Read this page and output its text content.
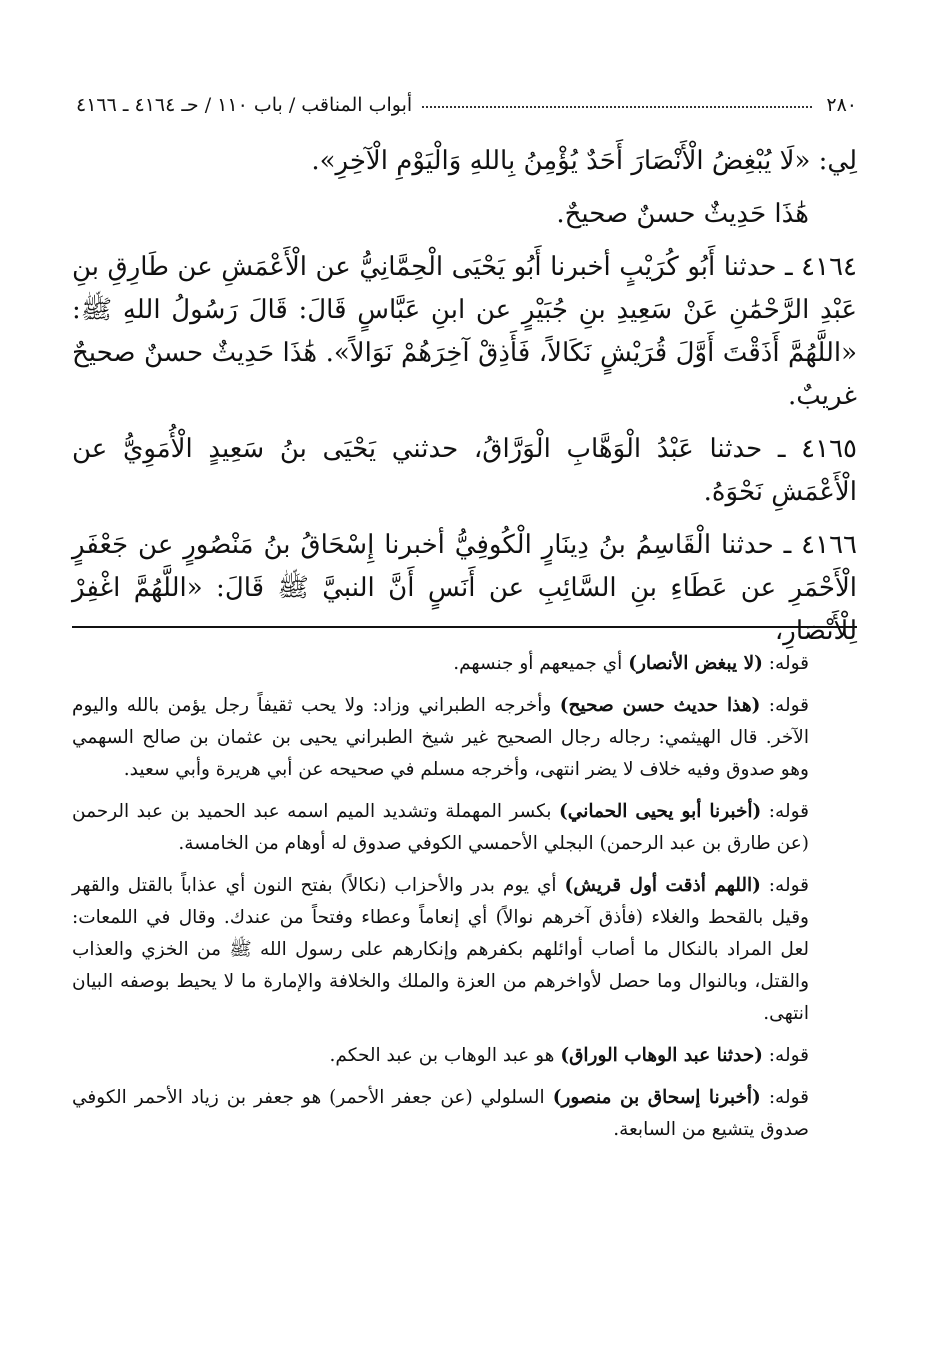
٢٨٠
أبواب المناقب / باب ١١٠ / حـ ٤١٦٤ ـ ٤١٦٦

لِي: «لَا يُبْغِضُ الْأَنْصَارَ أَحَدٌ يُؤْمِنُ بِاللهِ وَالْيَوْمِ الْآخِرِ».

هَٰذَا حَدِيثٌ حسنٌ صحيحٌ.

٤١٦٤ ـ حدثنا أَبُو كُرَيْبٍ أخبرنا أَبُو يَحْيَى الْحِمَّانِيُّ عن الْأَعْمَشِ عن طَارِقِ بنِ عَبْدِ الرَّحْمَٰنِ عَنْ سَعِيدِ بنِ جُبَيْرٍ عن ابنِ عَبَّاسٍ قَالَ: قَالَ رَسُولُ اللهِ ﷺ: «اللَّهُمَّ أَذَقْتَ أَوَّلَ قُرَيْشٍ نَكَالاً، فَأَذِقْ آخِرَهُمْ نَوَالاً». هَٰذَا حَدِيثٌ حسنٌ صحيحٌ غريبٌ.

٤١٦٥ ـ حدثنا عَبْدُ الْوَهَّابِ الْوَرَّاقُ، حدثني يَحْيَى بنُ سَعِيدٍ الْأُمَوِيُّ عن الْأَعْمَشِ نَحْوَهُ.

٤١٦٦ ـ حدثنا الْقَاسِمُ بنُ دِينَارٍ الْكُوفِيُّ أخبرنا إِسْحَاقُ بنُ مَنْصُورٍ عن جَعْفَرٍ الْأَحْمَرِ عن عَطَاءِ بنِ السَّائِبِ عن أَنَسٍ أَنَّ النبيَّ ﷺ قَالَ: «اللَّهُمَّ اغْفِرْ لِلْأَنْصَارِ،

قوله: (لا يبغض الأنصار) أي جميعهم أو جنسهم.

قوله: (هذا حديث حسن صحيح) وأخرجه الطبراني وزاد: ولا يحب ثقيفاً رجل يؤمن بالله واليوم الآخر. قال الهيثمي: رجاله رجال الصحيح غير شيخ الطبراني يحيى بن عثمان بن صالح السهمي وهو صدوق وفيه خلاف لا يضر انتهى، وأخرجه مسلم في صحيحه عن أبي هريرة وأبي سعيد.

قوله: (أخبرنا أبو يحيى الحماني) بكسر المهملة وتشديد الميم اسمه عبد الحميد بن عبد الرحمن (عن طارق بن عبد الرحمن) البجلي الأحمسي الكوفي صدوق له أوهام من الخامسة.

قوله: (اللهم أذقت أول قريش) أي يوم بدر والأحزاب (نكالاً) بفتح النون أي عذاباً بالقتل والقهر وقيل بالقحط والغلاء (فأذق آخرهم نوالاً) أي إنعاماً وعطاء وفتحاً من عندك. وقال في اللمعات: لعل المراد بالنكال ما أصاب أوائلهم بكفرهم وإنكارهم على رسول الله ﷺ من الخزي والعذاب والقتل، وبالنوال وما حصل لأواخرهم من العزة والملك والخلافة والإمارة ما لا يحيط بوصفه البيان انتهى.

قوله: (حدثنا عبد الوهاب الوراق) هو عبد الوهاب بن عبد الحكم.

قوله: (أخبرنا إسحاق بن منصور) السلولي (عن جعفر الأحمر) هو جعفر بن زياد الأحمر الكوفي صدوق يتشيع من السابعة.
